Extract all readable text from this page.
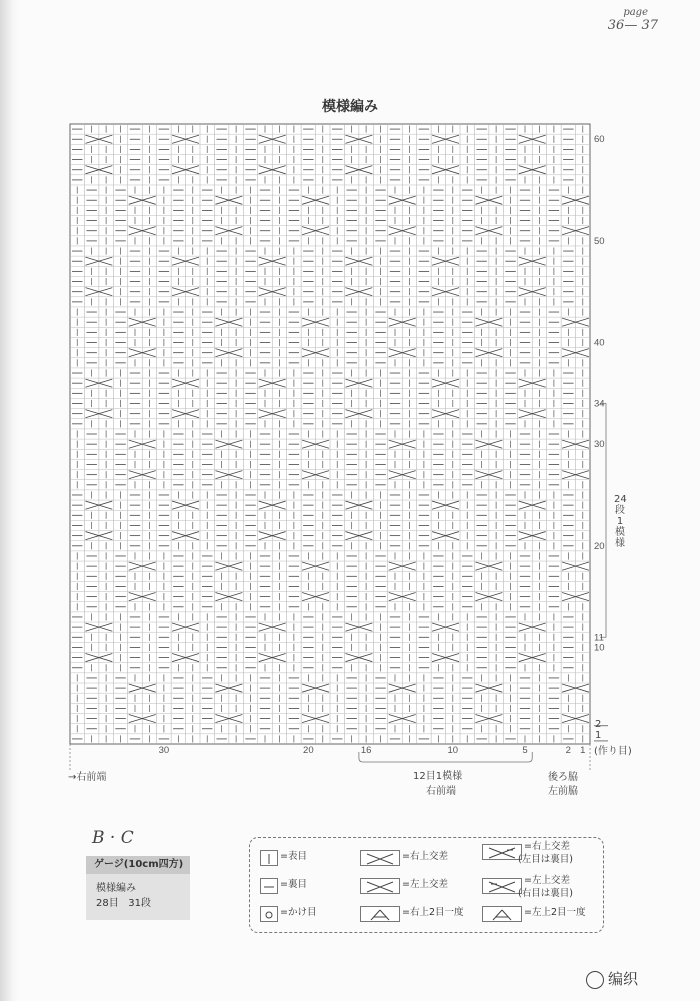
page
36— 37
模様編み
60
50
40
34
30
20
11
10
30	20	16	10	5	2 1
2
1
(作り目)
24段1模様
→右前端	12目1模様
右前端
後ろ脇
左前脇
B · C
ゲージ(10cm四方)
模様編み
28目 31段
=表目
=裏目
=かけ目
=右上交差
=左上交差
=右上2目一度
=右上交差
(左目は裏目)
=左上交差
(右目は裏目)
=左上2目一度
编织
